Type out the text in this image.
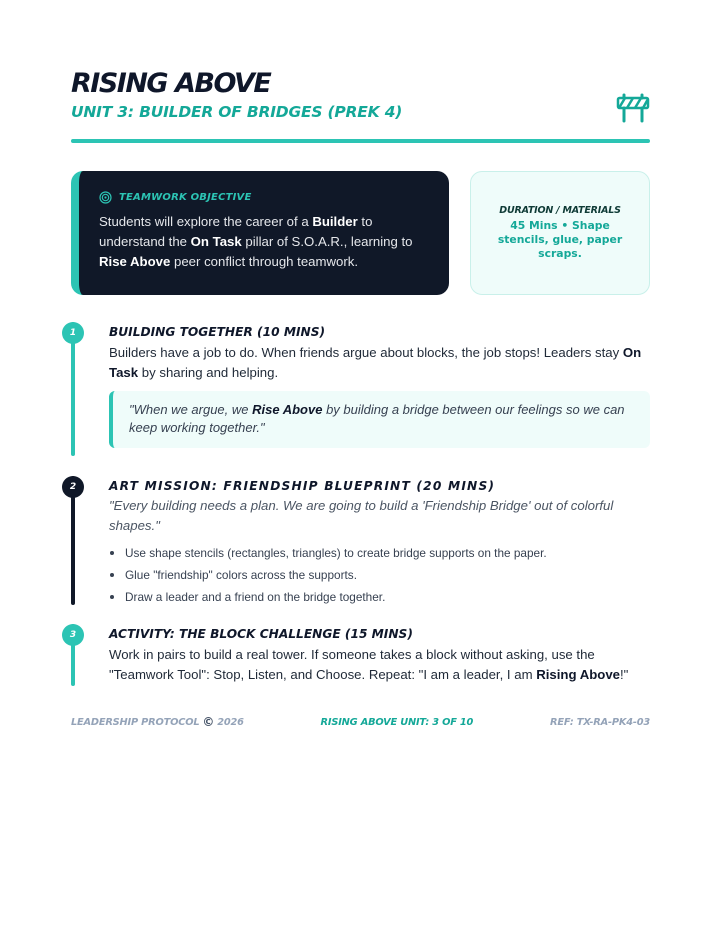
RISING ABOVE
UNIT 3: BUILDER OF BRIDGES (PREK 4)
TEAMWORK OBJECTIVE

Students will explore the career of a Builder to understand the On Task pillar of S.O.A.R., learning to Rise Above peer conflict through teamwork.

DURATION / MATERIALS
45 Mins • Shape stencils, glue, paper scraps.
1	BUILDING TOGETHER (10 MINS)

Builders have a job to do. When friends argue about blocks, the job stops! Leaders stay On Task by sharing and helping.

"When we argue, we Rise Above by building a bridge between our feelings so we can keep working together."
2	ART MISSION: FRIENDSHIP BLUEPRINT (20 MINS)

"Every building needs a plan. We are going to build a 'Friendship Bridge' out of colorful shapes."

Use shape stencils (rectangles, triangles) to create bridge supports on the paper.
Glue "friendship" colors across the supports.
Draw a leader and a friend on the bridge together.
3	ACTIVITY: THE BLOCK CHALLENGE (15 MINS)

Work in pairs to build a real tower. If someone takes a block without asking, use the "Teamwork Tool": Stop, Listen, and Choose. Repeat: "I am a leader, I am Rising Above!"

LEADERSHIP PROTOCOL © 2026	RISING ABOVE UNIT: 3 OF 10	REF: TX-RA-PK4-03
